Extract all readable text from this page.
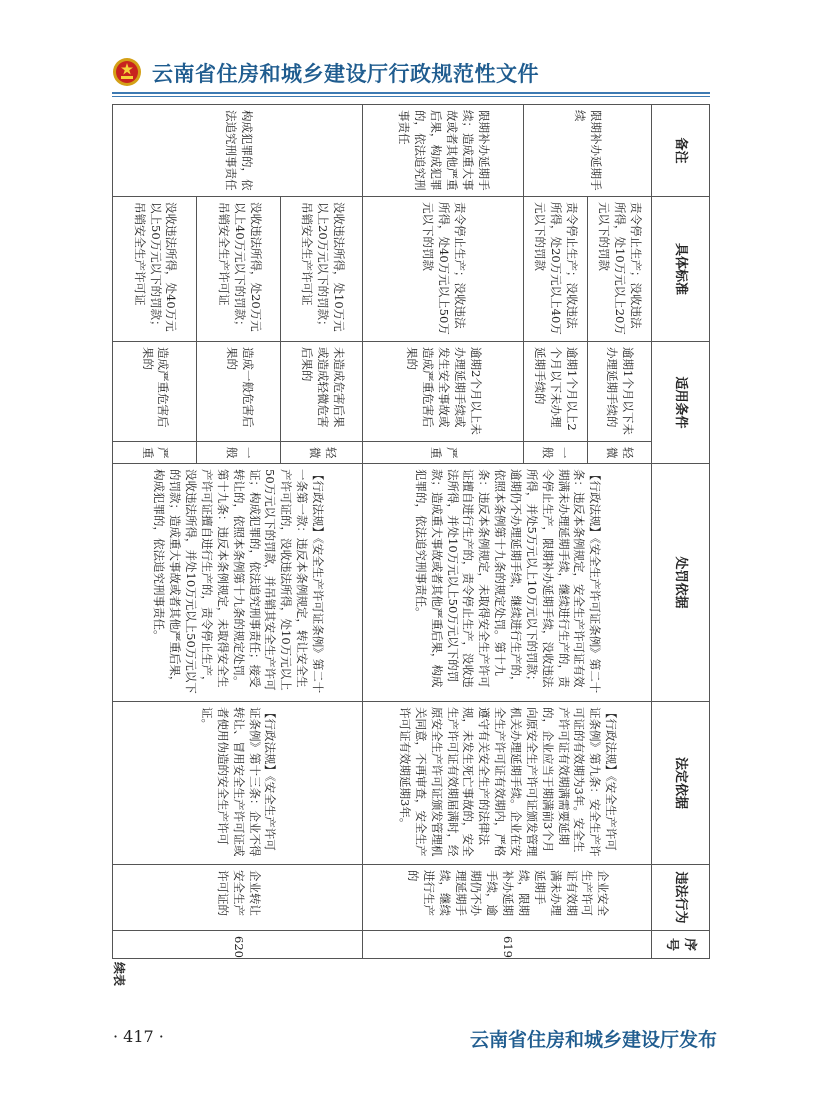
云南省住房和城乡建设厅行政规范性文件
续表
备注	具体标准	适用条件		处罚依据	法定依据	违法行为	序号
限期补办延期手续	责令停止生产；没收违法所得，处10万元以上20万元以下的罚款	逾期1个月以下未办理延期手续的	轻微	【行政法规】《安全生产许可证条例》第二十条：违反本条例规定，安全生产许可证有效期满未办理延期手续，继续进行生产的，责令停止生产，限期补办延期手续，没收违法所得，并处5万元以上10万元以下的罚款；逾期仍不办理延期手续，继续进行生产的，依照本条例第十九条的规定处罚。第十九条：违反本条例规定，未取得安全生产许可证擅自进行生产的，责令停止生产，没收违法所得，并处10万元以上50万元以下的罚款；造成重大事故或者其他严重后果，构成犯罪的，依法追究刑事责任。	【行政法规】《安全生产许可证条例》第九条：安全生产许可证的有效期为3年。安全生产许可证有效期满需要延期的，企业应当于期满前3个月向原安全生产许可证颁发管理机关办理延期手续。企业在安全生产许可证有效期内，严格遵守有关安全生产的法律法规，未发生死亡事故的，安全生产许可证有效期届满时，经原安全生产许可证颁发管理机关同意，不再审查，安全生产许可证有效期延期3年。	企业安全生产许可证有效期满未办理延期手续，限期补办延期手续，逾期仍不办理延期手续，继续进行生产的	619
	责令停止生产；没收违法所得，处20万元以上40万元以下的罚款	逾期1个月以上2个月以下未办理延期手续的	一般				
限期补办延期手续；造成重大事故或者其他严重后果，构成犯罪的，依法追究刑事责任	责令停止生产；没收违法所得，处40万元以上50万元以下的罚款	逾期2个月以上未办理延期手续或发生安全事故或造成严重危害后果的	严重				
构成犯罪的，依法追究刑事责任	没收违法所得，处10万元以上20万元以下的罚款；吊销安全生产许可证	未造成危害后果或造成轻微危害后果的	轻微	【行政法规】《安全生产许可证条例》第二十一条第一款：违反本条例规定，转让安全生产许可证的，没收违法所得，处10万元以上50万元以下的罚款，并吊销其安全生产许可证；构成犯罪的，依法追究刑事责任；接受转让的，依照本条例第十九条的规定处罚。第十九条：违反本条例规定，未取得安全生产许可证擅自进行生产的，责令停止生产，没收违法所得，并处10万元以上50万元以下的罚款；造成重大事故或者其他严重后果，构成犯罪的，依法追究刑事责任。	【行政法规】《安全生产许可证条例》第十三条：企业不得转让、冒用安全生产许可证或者使用伪造的安全生产许可证。	企业转让安全生产许可证的	620
	没收违法所得，处20万元以上40万元以下的罚款；吊销安全生产许可证	造成一般危害后果的	一般				
	没收违法所得，处40万元以上50万元以下的罚款；吊销安全生产许可证	造成严重危害后果的	严重				
· 417 ·	云南省住房和城乡建设厅发布
